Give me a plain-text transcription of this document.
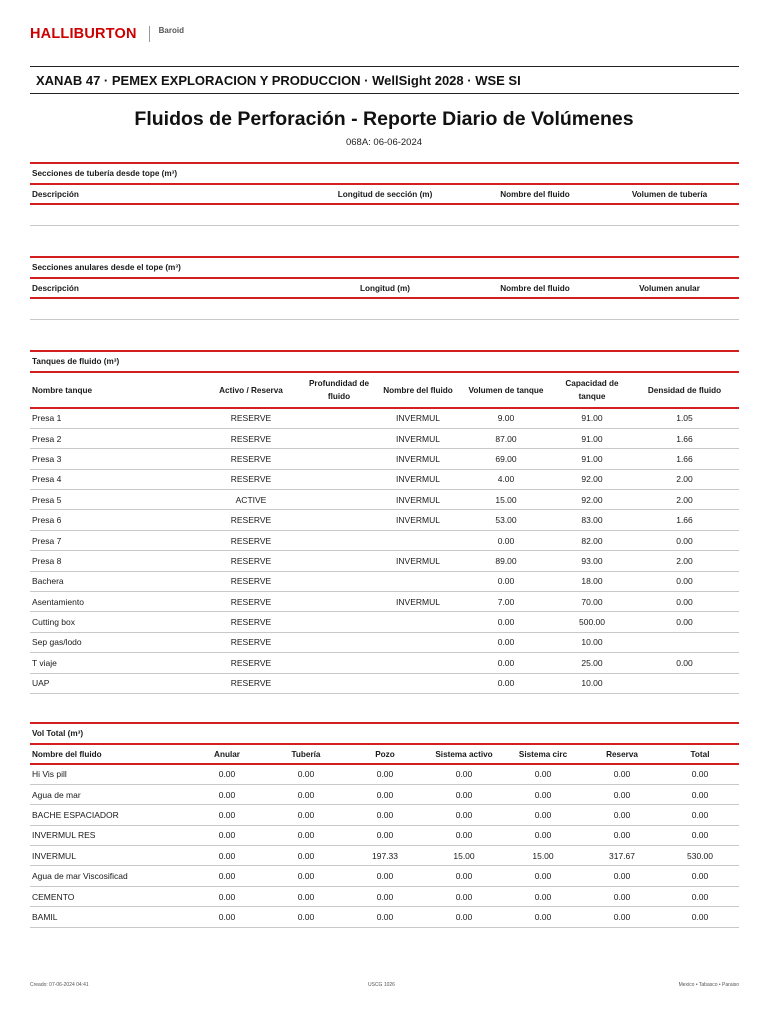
HALLIBURTON	Baroid
XANAB 47 · PEMEX EXPLORACION Y PRODUCCION · WellSight 2028 · WSE SI
Fluidos de Perforación - Reporte Diario de Volúmenes
068A: 06-06-2024
Secciones de tubería desde tope (m³)
Descripción	Longitud de sección (m)	Nombre del fluido	Volumen de tubería

Secciones anulares desde el tope (m³)
Descripción	Longitud (m)	Nombre del fluido	Volumen anular

Tanques de fluido (m³)
Nombre tanque	Activo / Reserva	Profundidad de fluido	Nombre del fluido	Volumen de tanque	Capacidad de tanque	Densidad de fluido
Presa 1	RESERVE		INVERMUL	9.00	91.00	1.05
Presa 2	RESERVE		INVERMUL	87.00	91.00	1.66
Presa 3	RESERVE		INVERMUL	69.00	91.00	1.66
Presa 4	RESERVE		INVERMUL	4.00	92.00	2.00
Presa 5	ACTIVE		INVERMUL	15.00	92.00	2.00
Presa 6	RESERVE		INVERMUL	53.00	83.00	1.66
Presa 7	RESERVE			0.00	82.00	0.00
Presa 8	RESERVE		INVERMUL	89.00	93.00	2.00
Bachera	RESERVE			0.00	18.00	0.00
Asentamiento	RESERVE		INVERMUL	7.00	70.00	0.00
Cutting box	RESERVE			0.00	500.00	0.00
Sep gas/lodo	RESERVE			0.00	10.00	
T viaje	RESERVE			0.00	25.00	0.00
UAP	RESERVE			0.00	10.00	
Vol Total (m³)
Nombre del fluido	Anular	Tubería	Pozo	Sistema activo	Sistema circ	Reserva	Total
Hi Vis pill	0.00	0.00	0.00	0.00	0.00	0.00	0.00
Agua de mar	0.00	0.00	0.00	0.00	0.00	0.00	0.00
BACHE ESPACIADOR	0.00	0.00	0.00	0.00	0.00	0.00	0.00
INVERMUL RES	0.00	0.00	0.00	0.00	0.00	0.00	0.00
INVERMUL	0.00	0.00	197.33	15.00	15.00	317.67	530.00
Agua de mar Viscosificad	0.00	0.00	0.00	0.00	0.00	0.00	0.00
CEMENTO	0.00	0.00	0.00	0.00	0.00	0.00	0.00
BAMIL	0.00	0.00	0.00	0.00	0.00	0.00	0.00
Creado: 07-06-2024 04:41	USCG 1026	Mexico • Tabasco • Paraiso
